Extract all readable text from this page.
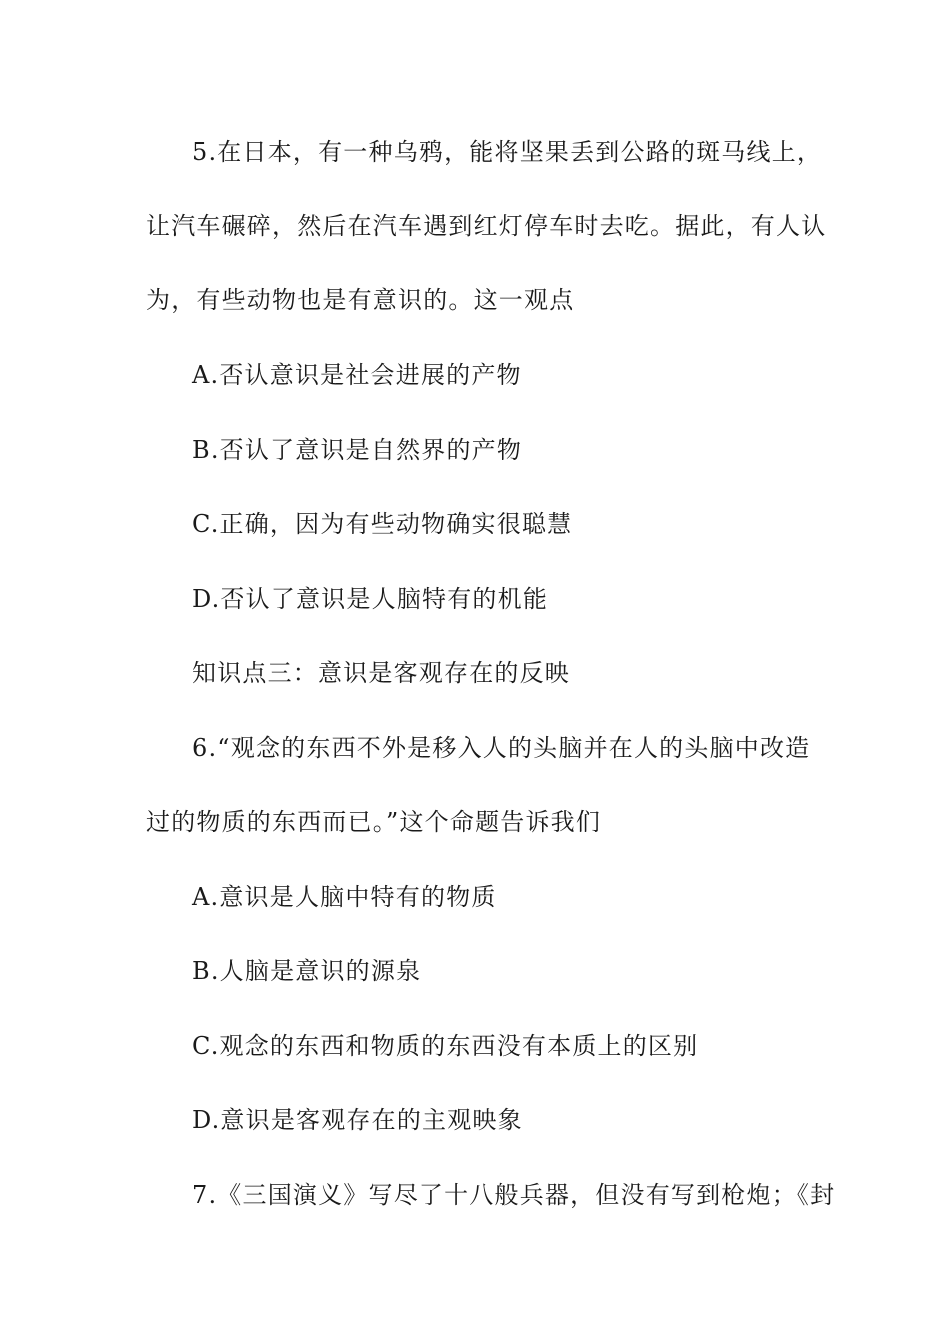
5.在日本，有一种乌鸦，能将坚果丢到公路的斑马线上，
让汽车碾碎，然后在汽车遇到红灯停车时去吃。据此，有人认
为，有些动物也是有意识的。这一观点
A.否认意识是社会进展的产物
B.否认了意识是自然界的产物
C.正确，因为有些动物确实很聪慧
D.否认了意识是人脑特有的机能
知识点三：意识是客观存在的反映
6.“观念的东西不外是移入人的头脑并在人的头脑中改造
过的物质的东西而已。”这个命题告诉我们
A.意识是人脑中特有的物质
B.人脑是意识的源泉
C.观念的东西和物质的东西没有本质上的区别
D.意识是客观存在的主观映象
7.《三国演义》写尽了十八般兵器，但没有写到枪炮；《封
